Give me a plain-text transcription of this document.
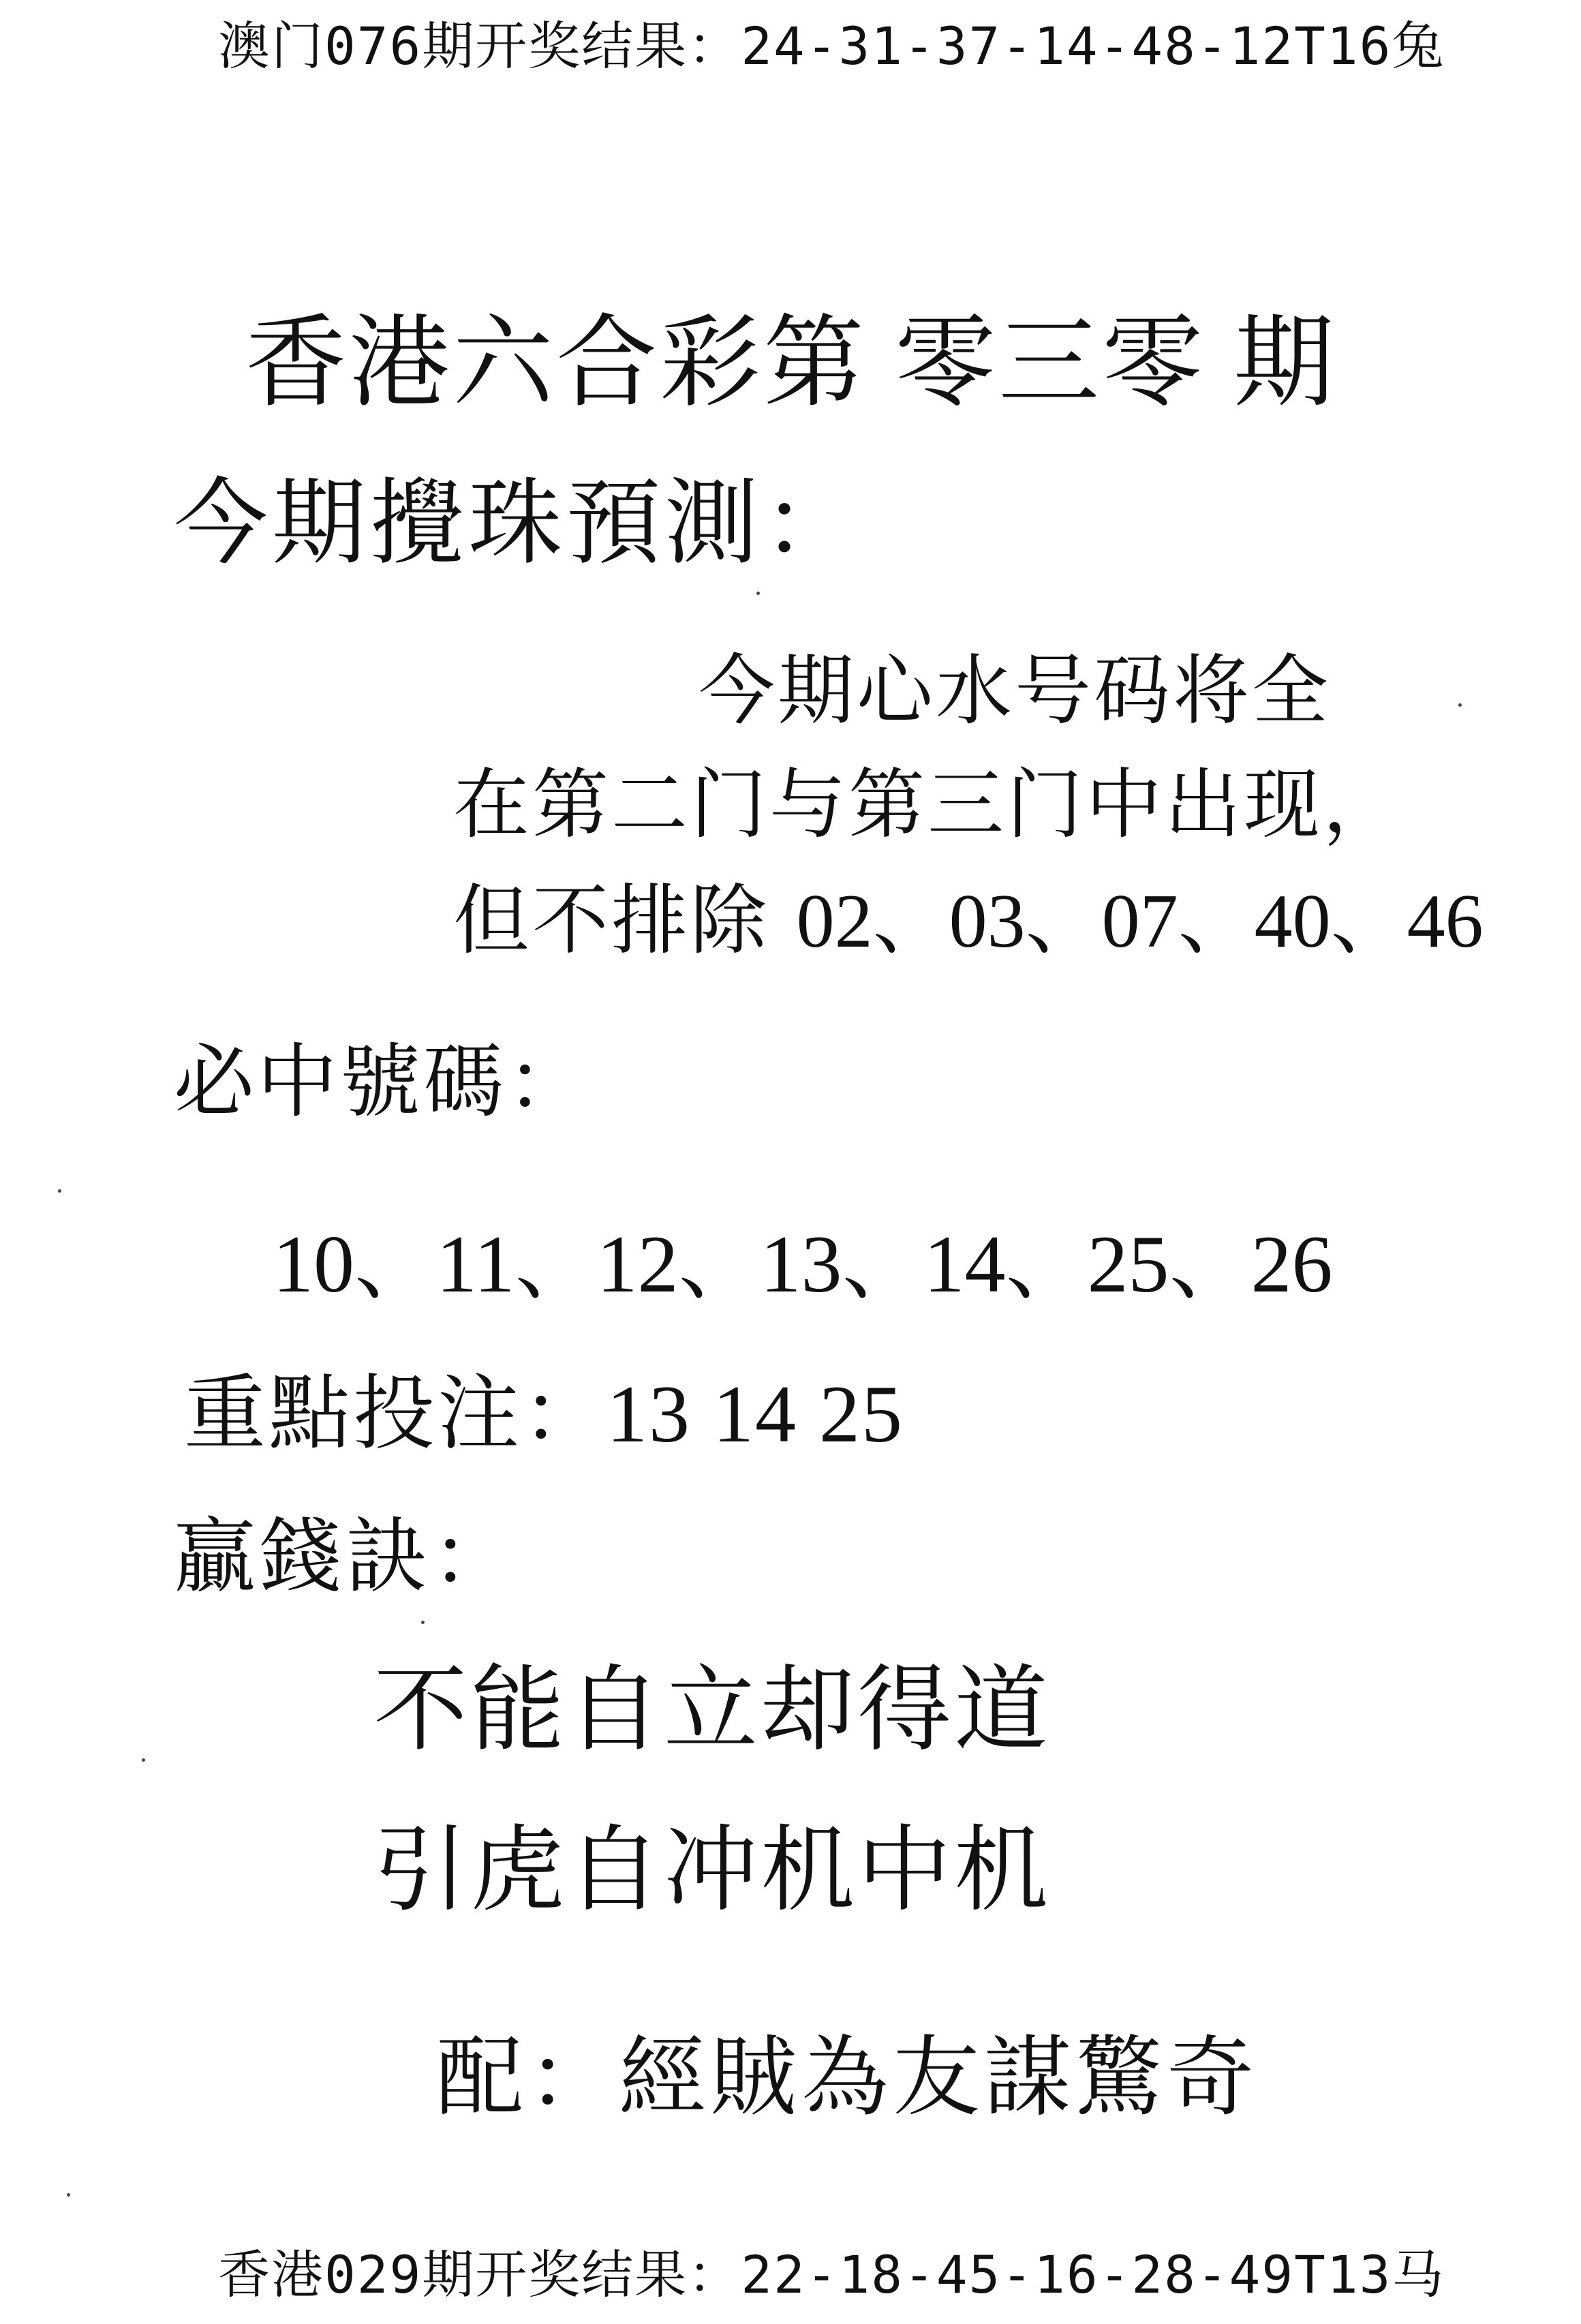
澳门076期开奖结果：24-31-37-14-48-12T16兔
香港六合彩第 零三零 期
今期攪珠預測：
今期心水号码将全
在第二门与第三门中出现，
但不排除 02、03、07、40、46
必中號碼：
10、11、12、13、14、25、26
重點投注：13 14 25
贏錢訣：
不能自立却得道
引虎自冲机中机
配：經賊為友謀驚奇
香港029期开奖结果：22-18-45-16-28-49T13马
